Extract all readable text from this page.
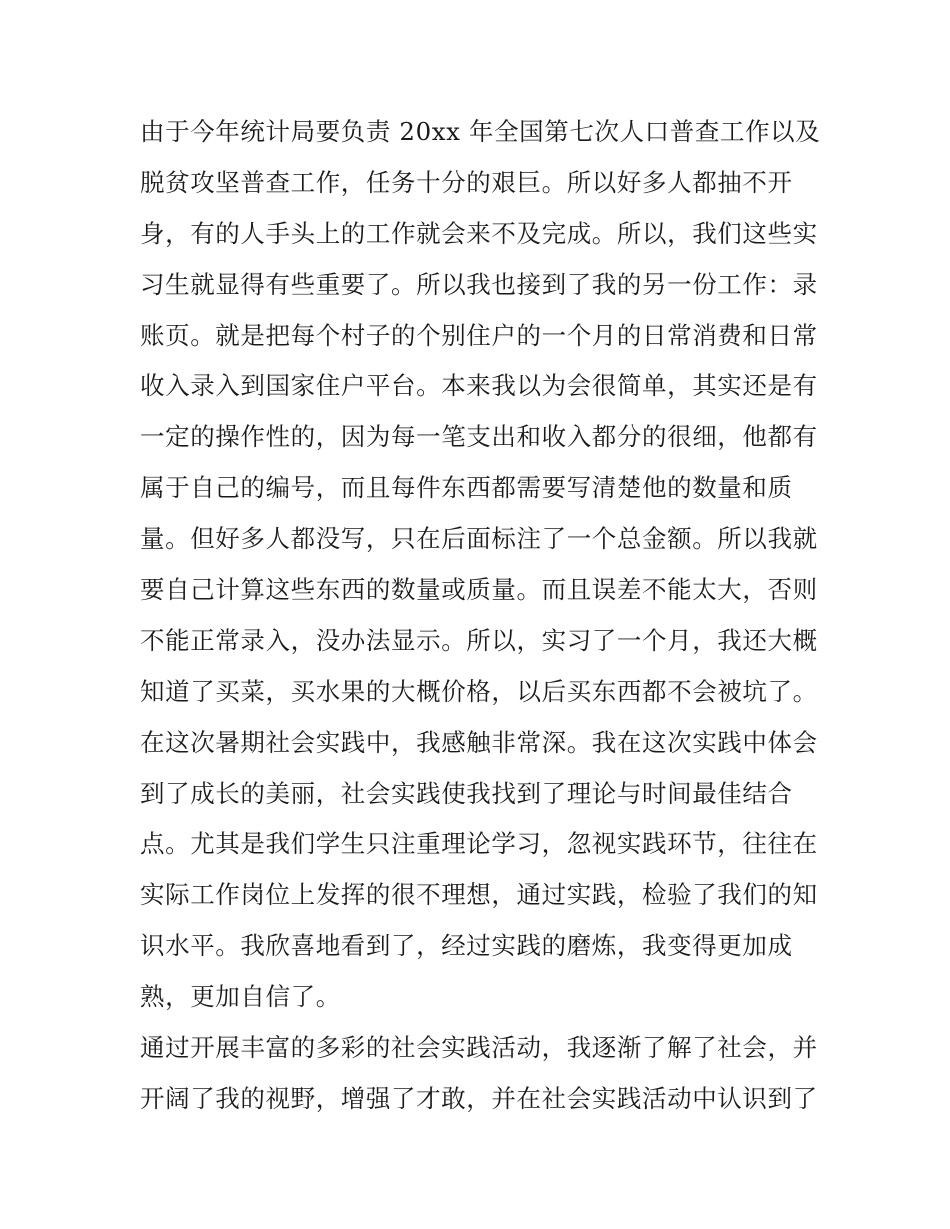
由于今年统计局要负责 20xx 年全国第七次人口普查工作以及
脱贫攻坚普查工作，任务十分的艰巨。所以好多人都抽不开
身，有的人手头上的工作就会来不及完成。所以，我们这些实
习生就显得有些重要了。所以我也接到了我的另一份工作：录
账页。就是把每个村子的个别住户的一个月的日常消费和日常
收入录入到国家住户平台。本来我以为会很简单，其实还是有
一定的操作性的，因为每一笔支出和收入都分的很细，他都有
属于自己的编号，而且每件东西都需要写清楚他的数量和质
量。但好多人都没写，只在后面标注了一个总金额。所以我就
要自己计算这些东西的数量或质量。而且误差不能太大，否则
不能正常录入，没办法显示。所以，实习了一个月，我还大概
知道了买菜，买水果的大概价格，以后买东西都不会被坑了。
在这次暑期社会实践中，我感触非常深。我在这次实践中体会
到了成长的美丽，社会实践使我找到了理论与时间最佳结合
点。尤其是我们学生只注重理论学习，忽视实践环节，往往在
实际工作岗位上发挥的很不理想，通过实践，检验了我们的知
识水平。我欣喜地看到了，经过实践的磨炼，我变得更加成
熟，更加自信了。
通过开展丰富的多彩的社会实践活动，我逐渐了解了社会，并
开阔了我的视野，增强了才敢，并在社会实践活动中认识到了
